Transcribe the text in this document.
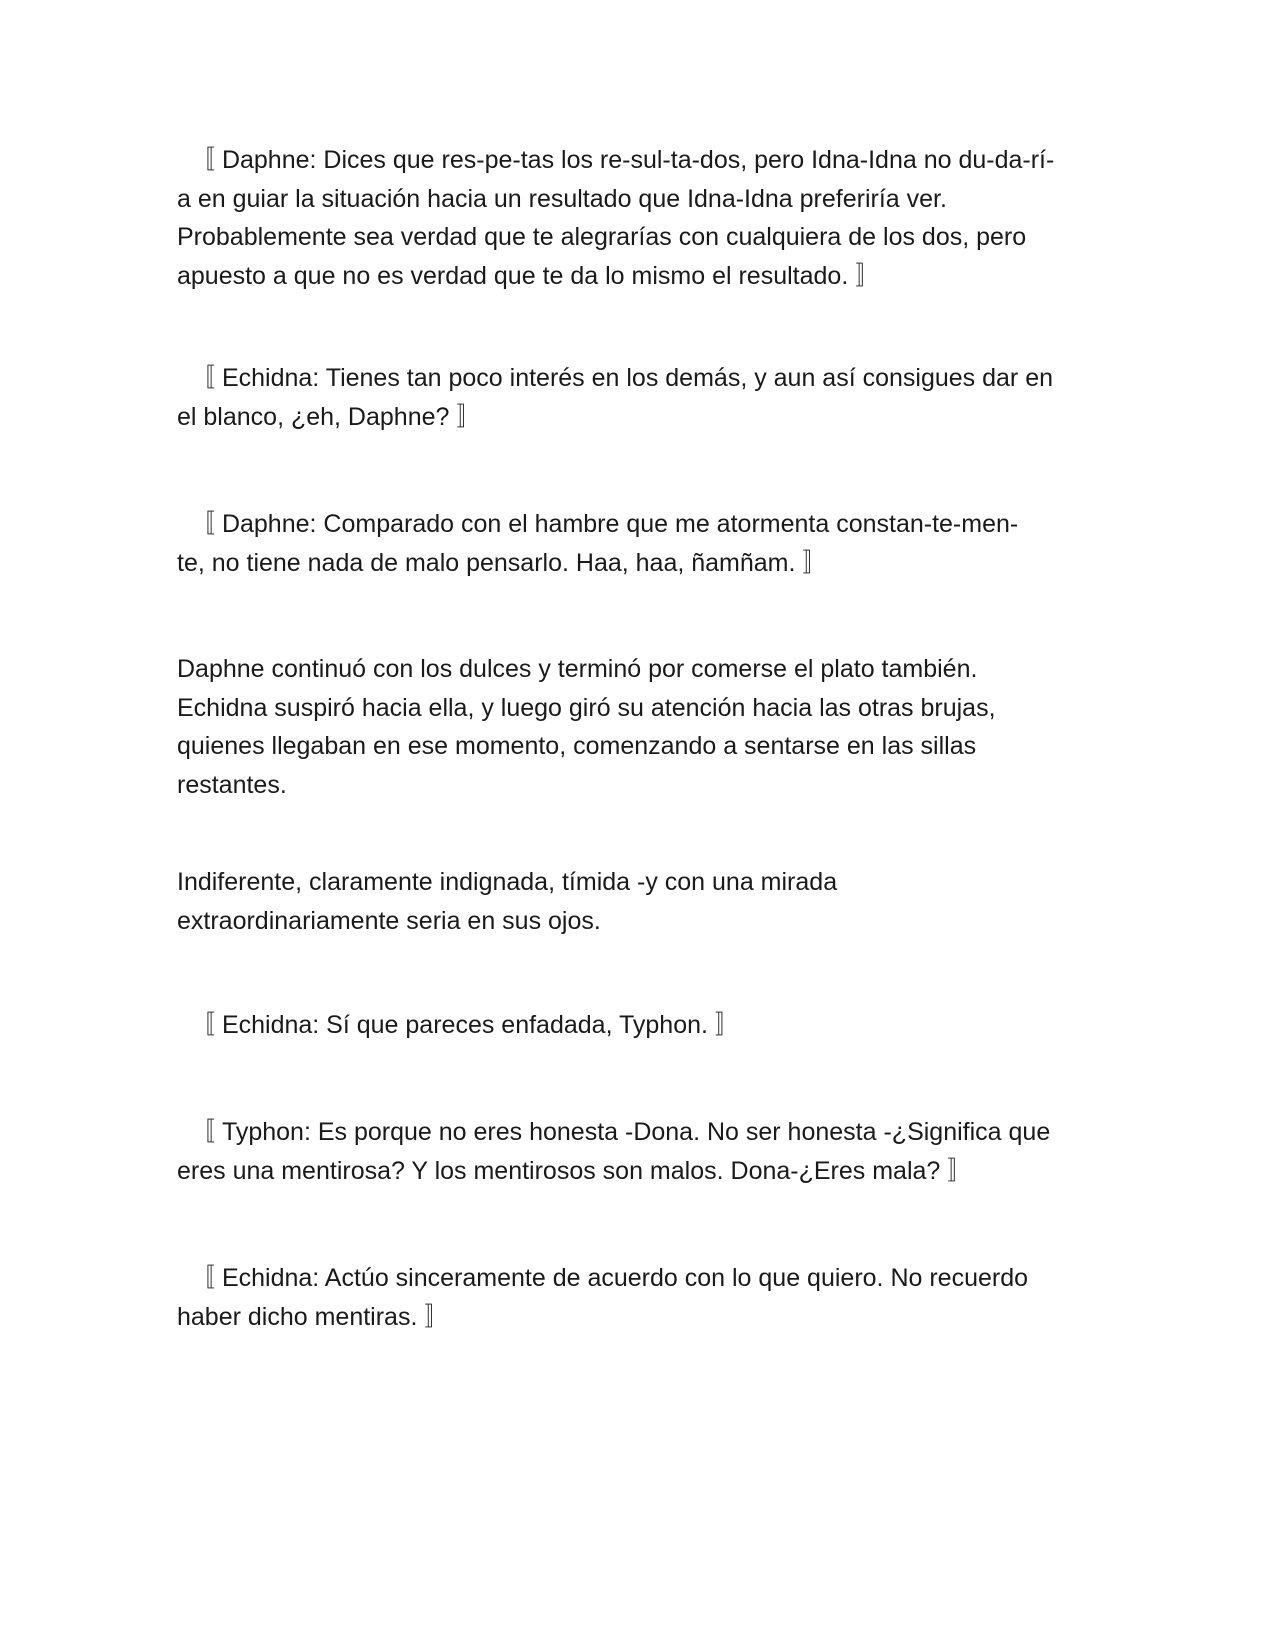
〚 Daphne: Dices que res-pe-tas los re-sul-ta-dos, pero Idna-Idna no du-da-rí-
a en guiar la situación hacia un resultado que Idna-Idna preferiría ver.
Probablemente sea verdad que te alegrarías con cualquiera de los dos, pero
apuesto a que no es verdad que te da lo mismo el resultado. 〛

〚 Echidna: Tienes tan poco interés en los demás, y aun así consigues dar en
el blanco, ¿eh, Daphne? 〛

〚 Daphne: Comparado con el hambre que me atormenta constan-te-men-
te, no tiene nada de malo pensarlo. Haa, haa, ñamñam. 〛

Daphne continuó con los dulces y terminó por comerse el plato también.
Echidna suspiró hacia ella, y luego giró su atención hacia las otras brujas,
quienes llegaban en ese momento, comenzando a sentarse en las sillas
restantes.

Indiferente, claramente indignada, tímida -y con una mirada
extraordinariamente seria en sus ojos.

〚 Echidna: Sí que pareces enfadada, Typhon. 〛

〚 Typhon: Es porque no eres honesta -Dona. No ser honesta -¿Significa que
eres una mentirosa? Y los mentirosos son malos. Dona-¿Eres mala? 〛

〚 Echidna: Actúo sinceramente de acuerdo con lo que quiero. No recuerdo
haber dicho mentiras. 〛
